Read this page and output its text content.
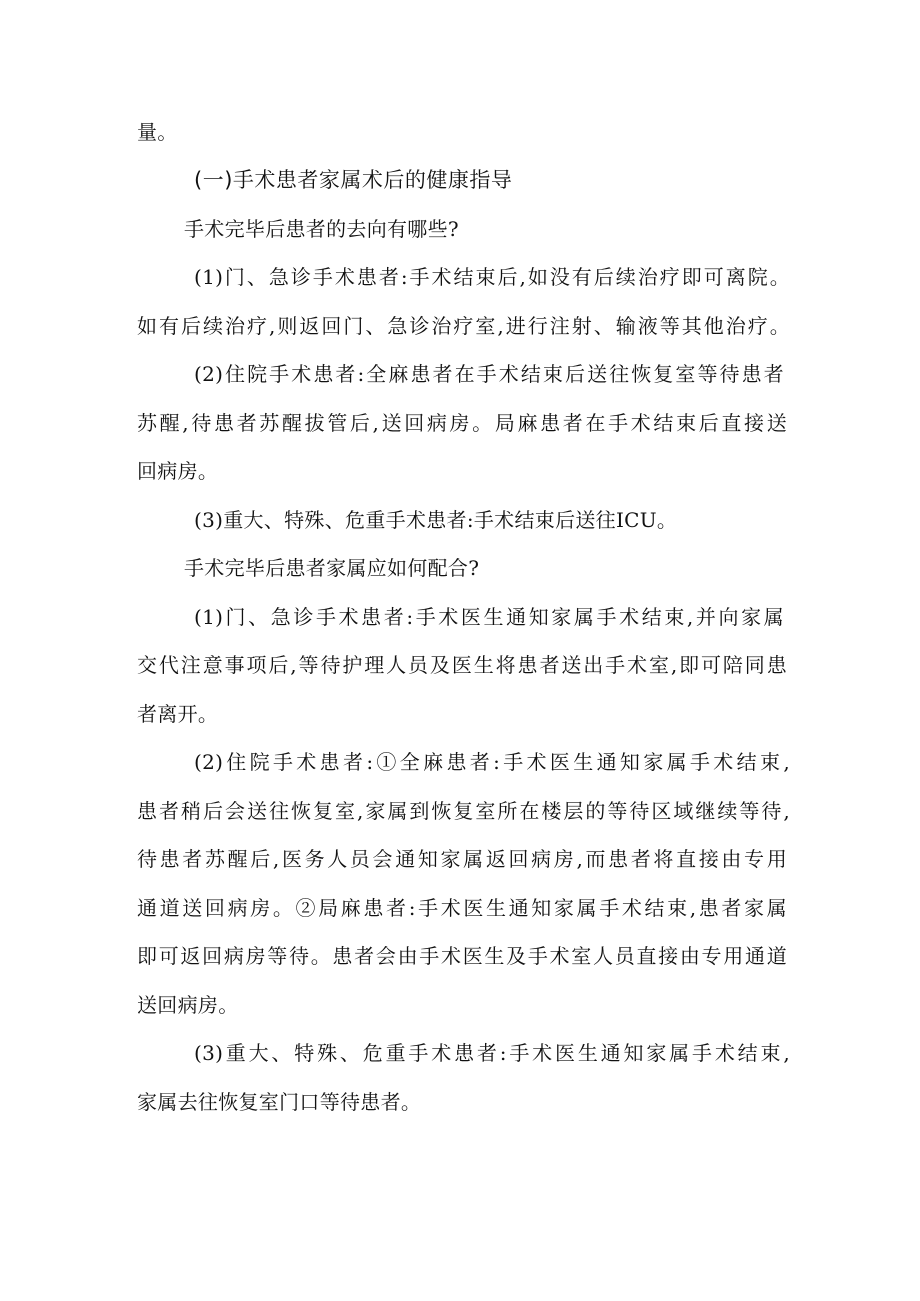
量。

(一)手术患者家属术后的健康指导

手术完毕后患者的去向有哪些?

(1)门、急诊手术患者:手术结束后,如没有后续治疗即可离院。

如有后续治疗,则返回门、急诊治疗室,进行注射、输液等其他治疗。

(2)住院手术患者:全麻患者在手术结束后送往恢复室等待患者

苏醒,待患者苏醒拔管后,送回病房。局麻患者在手术结束后直接送

回病房。

(3)重大、特殊、危重手术患者:手术结束后送往ICU。

手术完毕后患者家属应如何配合?

(1)门、急诊手术患者:手术医生通知家属手术结束,并向家属

交代注意事项后,等待护理人员及医生将患者送出手术室,即可陪同患

者离开。

(2)住院手术患者:①全麻患者:手术医生通知家属手术结束,

患者稍后会送往恢复室,家属到恢复室所在楼层的等待区域继续等待,

待患者苏醒后,医务人员会通知家属返回病房,而患者将直接由专用

通道送回病房。②局麻患者:手术医生通知家属手术结束,患者家属

即可返回病房等待。患者会由手术医生及手术室人员直接由专用通道

送回病房。

(3)重大、特殊、危重手术患者:手术医生通知家属手术结束,

家属去往恢复室门口等待患者。
